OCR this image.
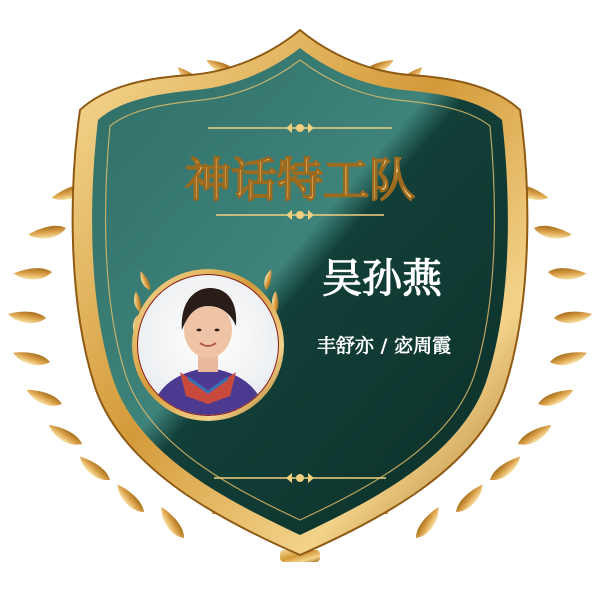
神话特工队
吴孙燕
丰舒亦 / 宓周霞
